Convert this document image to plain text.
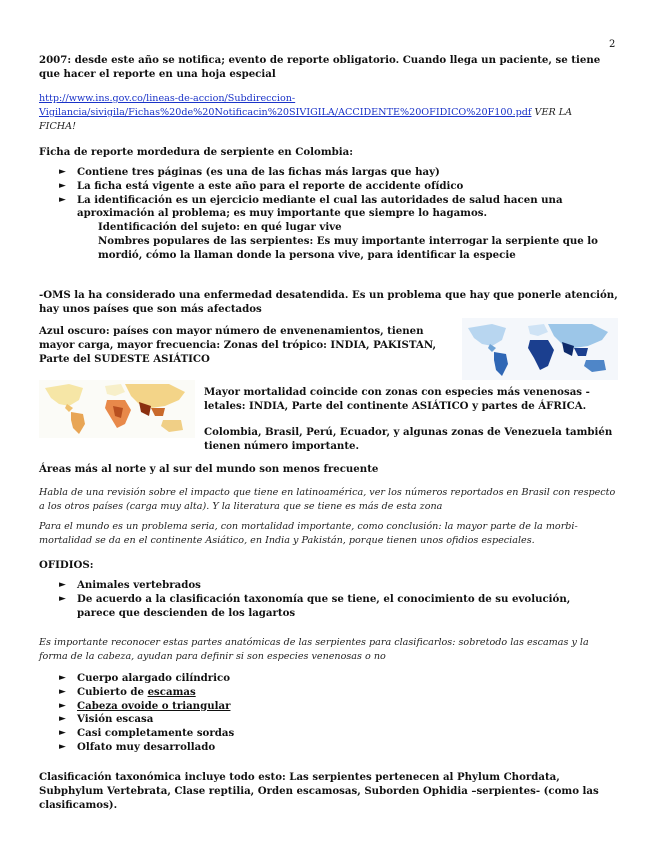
2

2007: desde este año se notifica; evento de reporte obligatorio. Cuando llega un paciente, se tiene que hacer el reporte en una hoja especial

http://www.ins.gov.co/lineas-de-accion/Subdireccion-
Vigilancia/sivigila/Fichas%20de%20Notificacin%20SIVIGILA/ACCIDENTE%20OFIDICO%20F100.pdf VER LA
FICHA!

Ficha de reporte mordedura de serpiente en Colombia:

► Contiene tres páginas (es una de las fichas más largas que hay)
► La ficha está vigente a este año para el reporte de accidente ofídico
► La identificación es un ejercicio mediante el cual las autoridades de salud hacen una aproximación al problema; es muy importante que siempre lo hagamos.
Identificación del sujeto: en qué lugar vive
Nombres populares de las serpientes: Es muy importante interrogar la serpiente que lo mordió, cómo la llaman donde la persona vive, para identificar la especie

-OMS la ha considerado una enfermedad desatendida. Es un problema que hay que ponerle atención, hay unos países que son más afectados

Azul oscuro: países con mayor número de envenenamientos, tienen mayor carga, mayor frecuencia: Zonas del trópico: INDIA, PAKISTAN, Parte del SUDESTE ASIÁTICO

Mayor mortalidad coincide con zonas con especies más venenosas - letales: INDIA, Parte del continente ASIÁTICO y partes de ÁFRICA.

Colombia, Brasil, Perú, Ecuador, y algunas zonas de Venezuela también tienen número importante.

Áreas más al norte y al sur del mundo son menos frecuente

Habla de una revisión sobre el impacto que tiene en latinoamérica, ver los números reportados en Brasil con respecto a los otros países (carga muy alta). Y la literatura que se tiene es más de esta zona

Para el mundo es un problema seria, con mortalidad importante, como conclusión: la mayor parte de la morbi-mortalidad se da en el continente Asiático, en India y Pakistán, porque tienen unos ofidios especiales.

OFIDIOS:

► Animales vertebrados
► De acuerdo a la clasificación taxonomía que se tiene, el conocimiento de su evolución, parece que descienden de los lagartos

Es importante reconocer estas partes anatómicas de las serpientes para clasificarlos: sobretodo las escamas y la forma de la cabeza, ayudan para definir si son especies venenosas o no

► Cuerpo alargado cilíndrico
► Cubierto de escamas
► Cabeza ovoide o triangular
► Visión escasa
► Casi completamente sordas
► Olfato muy desarrollado

Clasificación taxonómica incluye todo esto: Las serpientes pertenecen al Phylum Chordata, Subphylum Vertebrata, Clase reptilia, Orden escamosas, Suborden Ophidia –serpientes- (como las clasificamos).
